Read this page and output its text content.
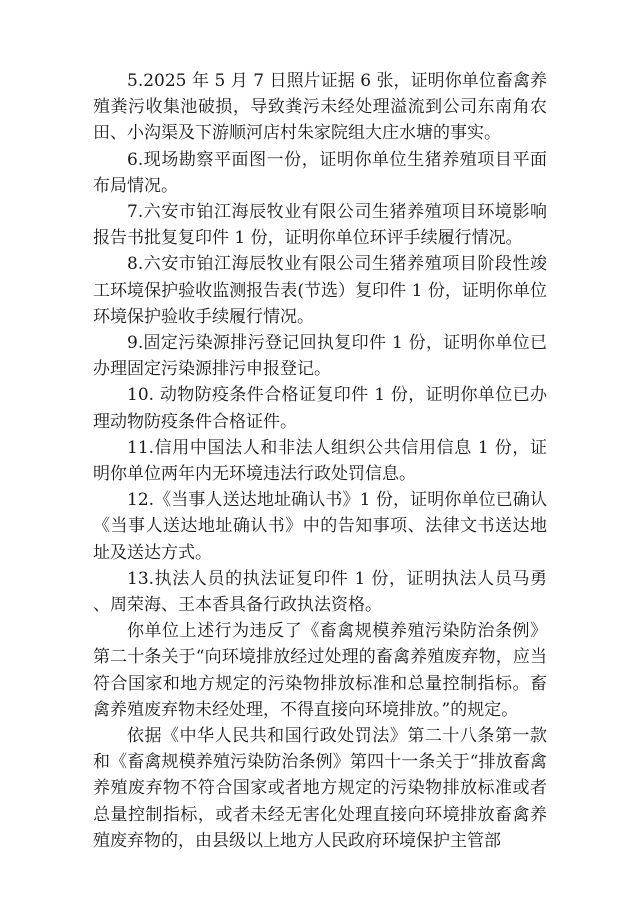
5.2025 年 5 月 7 日照片证据 6 张，证明你单位畜禽养殖粪污收集池破损，导致粪污未经处理溢流到公司东南角农田、小沟渠及下游顺河店村朱家院组大庄水塘的事实。

6.现场勘察平面图一份，证明你单位生猪养殖项目平面布局情况。

7.六安市铂江海辰牧业有限公司生猪养殖项目环境影响报告书批复复印件 1 份，证明你单位环评手续履行情况。

8.六安市铂江海辰牧业有限公司生猪养殖项目阶段性竣工环境保护验收监测报告表(节选）复印件 1 份，证明你单位环境保护验收手续履行情况。

9.固定污染源排污登记回执复印件 1 份，证明你单位已办理固定污染源排污申报登记。

10. 动物防疫条件合格证复印件 1 份，证明你单位已办理动物防疫条件合格证件。

11.信用中国法人和非法人组织公共信用信息 1 份，证明你单位两年内无环境违法行政处罚信息。

12.《当事人送达地址确认书》1 份，证明你单位已确认《当事人送达地址确认书》中的告知事项、法律文书送达地址及送达方式。

13.执法人员的执法证复印件 1 份，证明执法人员马勇、周荣海、王本香具备行政执法资格。

你单位上述行为违反了《畜禽规模养殖污染防治条例》第二十条关于“向环境排放经过处理的畜禽养殖废弃物，应当符合国家和地方规定的污染物排放标准和总量控制指标。畜禽养殖废弃物未经处理，不得直接向环境排放。”的规定。

依据《中华人民共和国行政处罚法》第二十八条第一款和《畜禽规模养殖污染防治条例》第四十一条关于“排放畜禽养殖废弃物不符合国家或者地方规定的污染物排放标准或者总量控制指标，或者未经无害化处理直接向环境排放畜禽养殖废弃物的，由县级以上地方人民政府环境保护主管部
